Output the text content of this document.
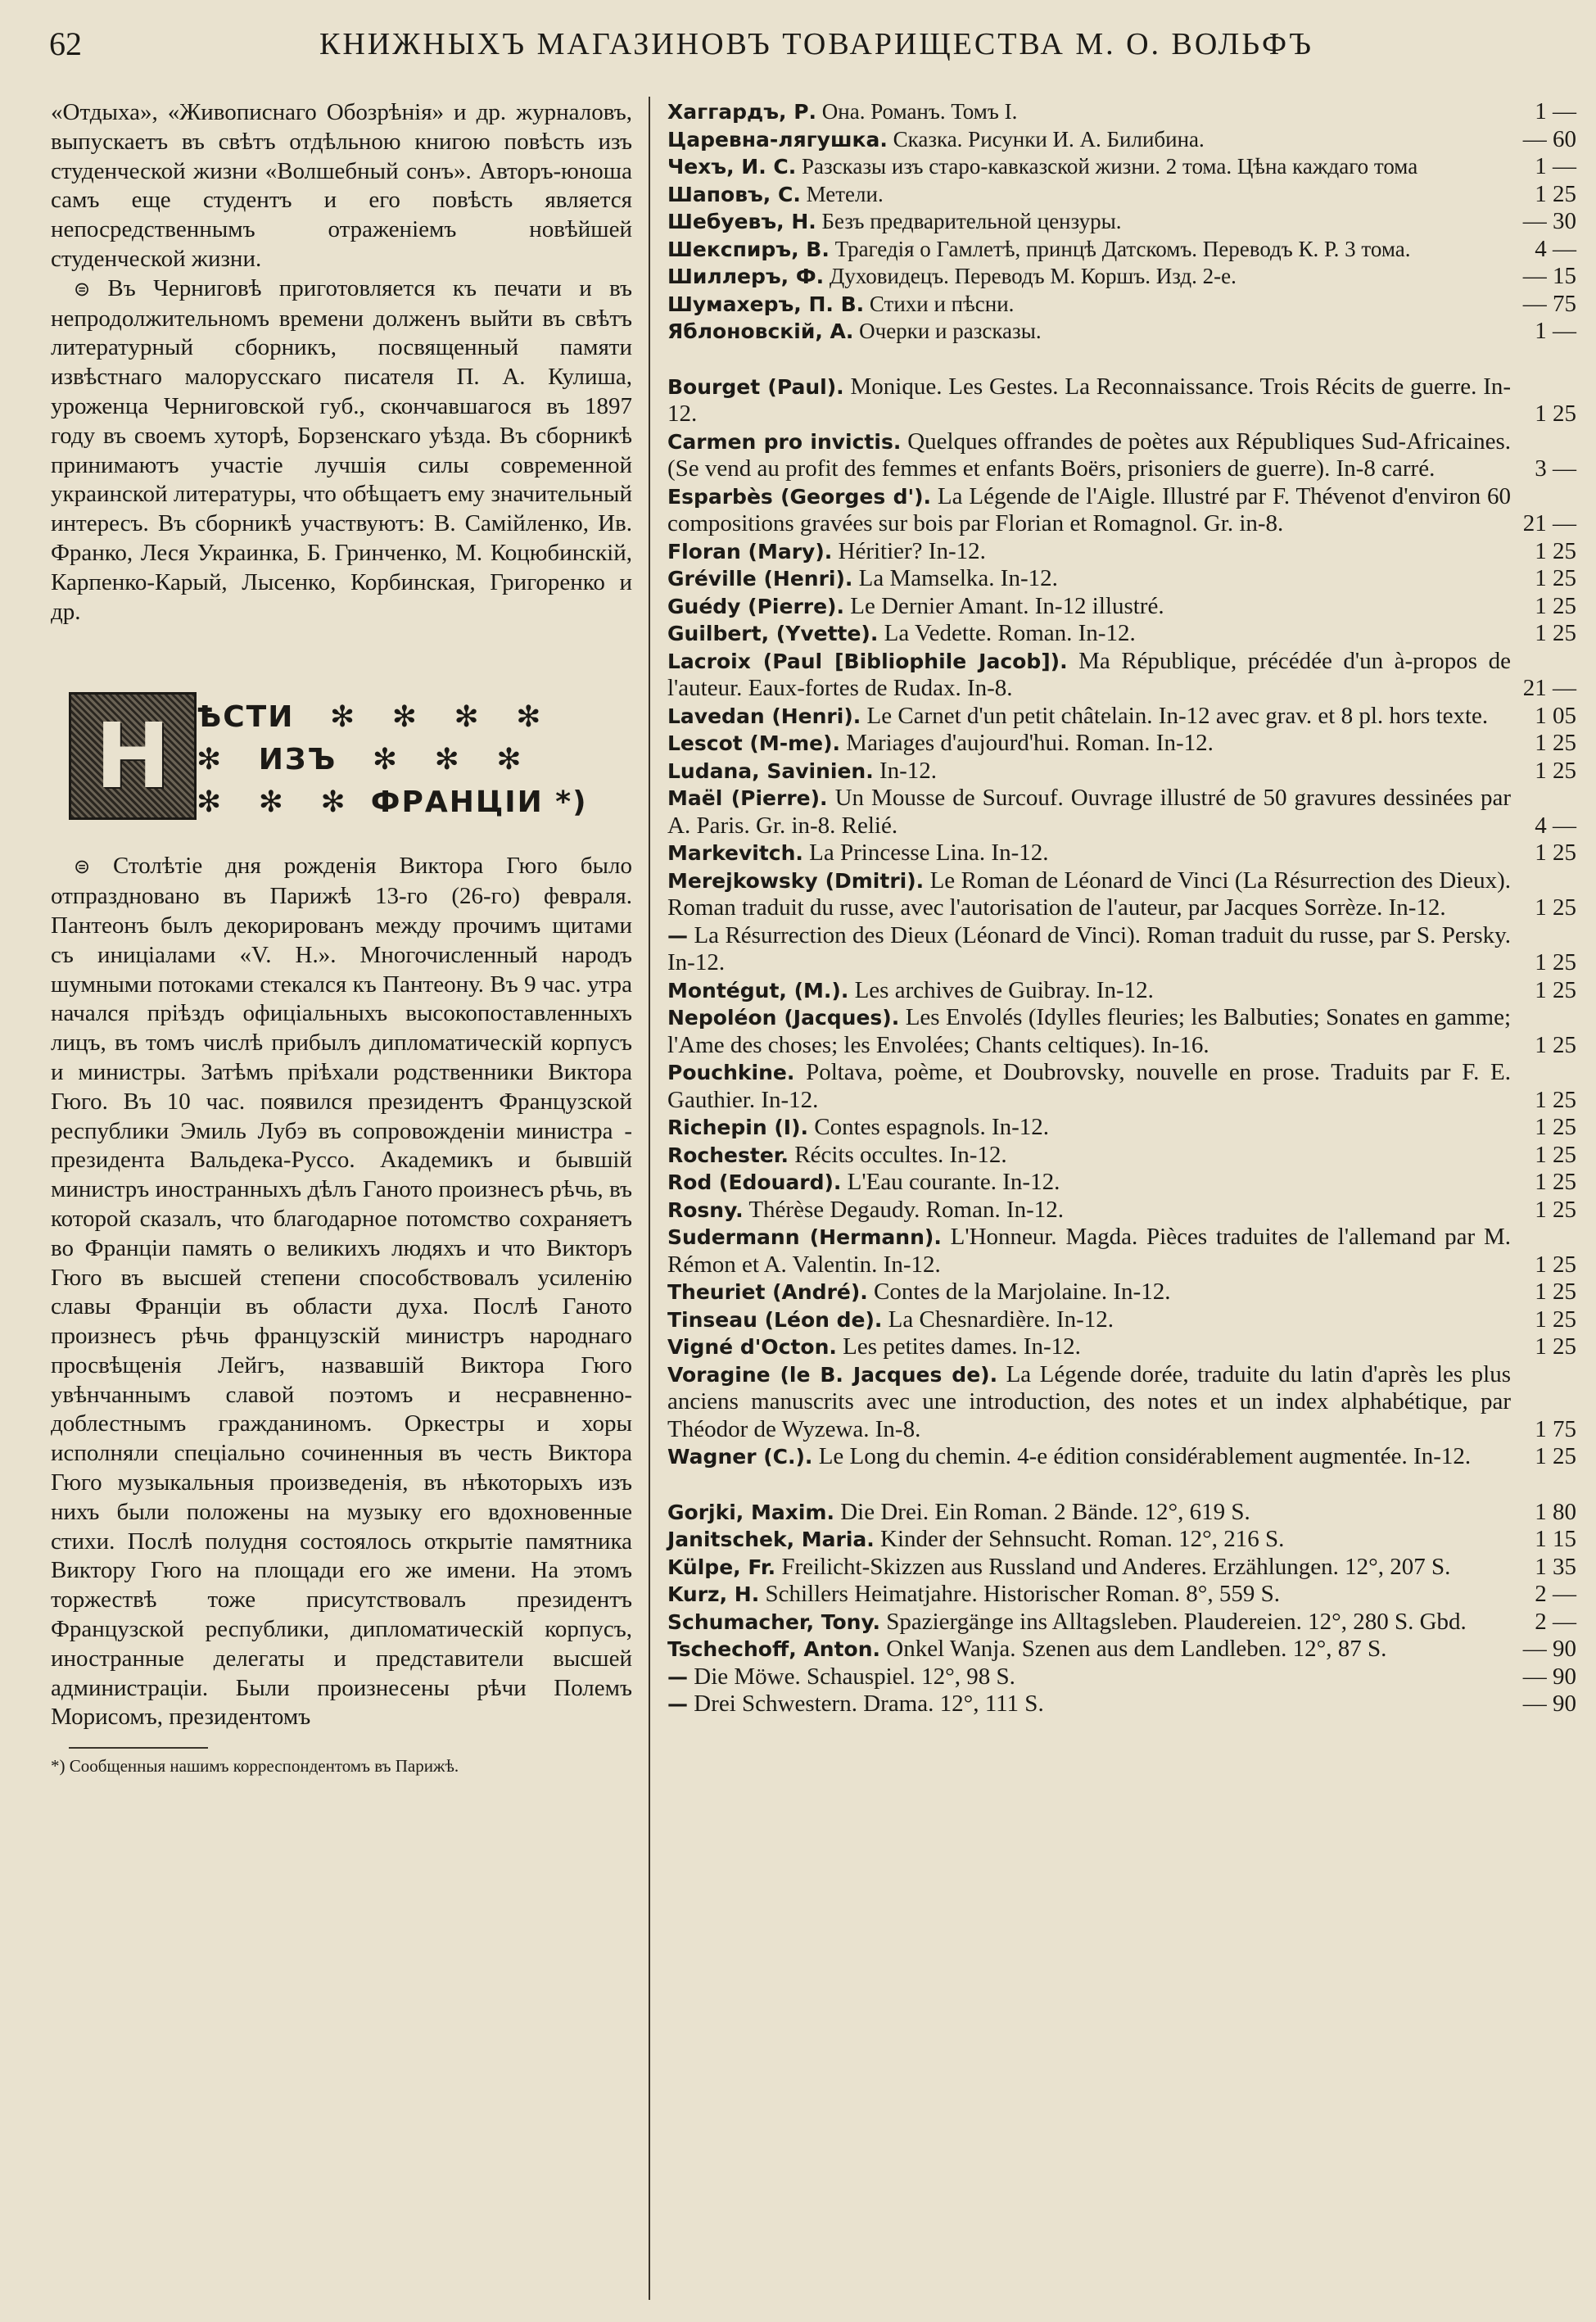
62	КНИЖНЫХЪ МАГАЗИНОВЪ ТОВАРИЩЕСТВА М. О. ВОЛЬФЪ

«Отдыха», «Живописнаго Обозрѣнія» и др. журналовъ, выпускаетъ въ свѣтъ отдѣльною книгою повѣсть изъ студенческой жизни «Волшебный сонъ». Авторъ-юноша самъ еще студентъ и его повѣсть является непосредственнымъ отраженіемъ новѣйшей студенческой жизни.

⊜ Въ Черниговѣ приготовляется къ печати и въ непродолжительномъ времени долженъ выйти въ свѣтъ литературный сборникъ, посвященный памяти извѣстнаго малорусскаго писателя П. А. Кулиша, уроженца Черниговской губ., скончавшагося въ 1897 году въ своемъ хуторѣ, Борзенскаго уѣзда. Въ сборникѣ принимаютъ участіе лучшія силы современной украинской литературы, что обѣщаетъ ему значительный интересъ. Въ сборникѣ участвуютъ: В. Самійленко, Ив. Франко, Леся Украинка, Б. Гринченко, М. Коцюбинскій, Карпенко-Карый, Лысенко, Корбинская, Григоренко и др.

Н ѢСТИ   ✻   ✻   ✻   ✻
✻   ИЗЪ   ✻   ✻   ✻
✻   ✻   ✻  ФРАНЦІИ *)

⊜ Столѣтіе дня рожденія Виктора Гюго было отпраздновано въ Парижѣ 13-го (26-го) февраля. Пантеонъ былъ декорированъ между прочимъ щитами съ иниціалами «V. H.». Многочисленный народъ шумными потоками стекался къ Пантеону. Въ 9 час. утра начался пріѣздъ офиціальныхъ высокопоставленныхъ лицъ, въ томъ числѣ прибылъ дипломатическій корпусъ и министры. Затѣмъ пріѣхали родственники Виктора Гюго. Въ 10 час. появился президентъ Французской республики Эмиль Лубэ въ сопровожденіи министра - президента Вальдека-Руссо. Академикъ и бывшій министръ иностранныхъ дѣлъ Ганото произнесъ рѣчь, въ которой сказалъ, что благодарное потомство сохраняетъ во Франціи память о великихъ людяхъ и что Викторъ Гюго въ высшей степени способствовалъ усиленію славы Франціи въ области духа. Послѣ Ганото произнесъ рѣчь французскій министръ народнаго просвѣщенія Лейгъ, назвавшій Виктора Гюго увѣнчаннымъ славой поэтомъ и несравненно-доблестнымъ гражданиномъ. Оркестры и хоры исполняли спеціально сочиненныя въ честь Виктора Гюго музыкальныя произведенія, въ нѣкоторыхъ изъ нихъ были положены на музыку его вдохновенные стихи. Послѣ полудня состоялось открытіе памятника Виктору Гюго на площади его же имени. На этомъ торжествѣ тоже присутствовалъ президентъ Французской республики, дипломатическій корпусъ, иностранные делегаты и представители высшей администраціи. Были произнесены рѣчи Полемъ Морисомъ, президентомъ

*) Сообщенныя нашимъ корреспондентомъ въ Парижѣ.

Хаггардъ, Р. Она. Романъ. Томъ I.	1 —

Царевна-лягушка. Сказка. Рисунки И. А. Билибина.	— 60

Чехъ, И. С. Разсказы изъ старо-кавказской жизни. 2 тома. Цѣна каждаго тома	1 —

Шаповъ, С. Метели.	1 25

Шебуевъ, Н. Безъ предварительной цензуры.	— 30

Шекспиръ, В. Трагедія о Гамлетѣ, принцѣ Датскомъ. Переводъ К. Р. 3 тома.	4 —

Шиллеръ, Ф. Духовидецъ. Переводъ М. Коршъ. Изд. 2-е.	— 15

Шумахеръ, П. В. Стихи и пѣсни.	— 75

Яблоновскій, А. Очерки и разсказы.	1 —

Bourget (Paul). Monique. Les Gestes. La Reconnaissance. Trois Récits de guerre. In-12.	1 25

Carmen pro invictis. Quelques offrandes de poètes aux Républiques Sud-Africaines. (Se vend au profit des femmes et enfants Boërs, prisoniers de guerre). In-8 carré.	3 —

Esparbès (Georges d'). La Légende de l'Aigle. Illustré par F. Thévenot d'environ 60 compositions gravées sur bois par Florian et Romagnol. Gr. in-8.	21 —

Floran (Mary). Héritier? In-12.	1 25

Gréville (Henri). La Mamselka. In-12.	1 25

Guédy (Pierre). Le Dernier Amant. In-12 illustré.	1 25

Guilbert, (Yvette). La Vedette. Roman. In-12.	1 25

Lacroix (Paul [Bibliophile Jacob]). Ma République, précédée d'un à-propos de l'auteur. Eaux-fortes de Rudax. In-8.	21 —

Lavedan (Henri). Le Carnet d'un petit châtelain. In-12 avec grav. et 8 pl. hors texte.	1 05

Lescot (M-me). Mariages d'aujourd'hui. Roman. In-12.	1 25

Ludana, Savinien. In-12.	1 25

Maël (Pierre). Un Mousse de Surcouf. Ouvrage illustré de 50 gravures dessinées par A. Paris. Gr. in-8. Relié.	4 —

Markevitch. La Princesse Lina. In-12.	1 25

Merejkowsky (Dmitri). Le Roman de Léonard de Vinci (La Résurrection des Dieux). Roman traduit du russe, avec l'autorisation de l'auteur, par Jacques Sorrèze. In-12.	1 25

— La Résurrection des Dieux (Léonard de Vinci). Roman traduit du russe, par S. Persky. In-12.	1 25

Montégut, (M.). Les archives de Guibray. In-12.	1 25

Nepoléon (Jacques). Les Envolés (Idylles fleuries; les Balbuties; Sonates en gamme; l'Ame des choses; les Envolées; Chants celtiques). In-16.	1 25

Pouchkine. Poltava, poème, et Doubrovsky, nouvelle en prose. Traduits par F. E. Gauthier. In-12.	1 25

Richepin (I). Contes espagnols. In-12.	1 25

Rochester. Récits occultes. In-12.	1 25

Rod (Edouard). L'Eau courante. In-12.	1 25

Rosny. Thérèse Degaudy. Roman. In-12.	1 25

Sudermann (Hermann). L'Honneur. Magda. Pièces traduites de l'allemand par M. Rémon et A. Valentin. In-12.	1 25

Theuriet (André). Contes de la Marjolaine. In-12.	1 25

Tinseau (Léon de). La Chesnardière. In-12.	1 25

Vigné d'Octon. Les petites dames. In-12.	1 25

Voragine (le B. Jacques de). La Légende dorée, traduite du latin d'après les plus anciens manuscrits avec une introduction, des notes et un index alphabétique, par Théodor de Wyzewa. In-8.	1 75

Wagner (C.). Le Long du chemin. 4-e édition considérablement augmentée. In-12.	1 25

Gorjki, Maxim. Die Drei. Ein Roman. 2 Bände. 12°, 619 S.	1 80

Janitschek, Maria. Kinder der Sehnsucht. Roman. 12°, 216 S.	1 15

Külpe, Fr. Freilicht-Skizzen aus Russland und Anderes. Erzählungen. 12°, 207 S.	1 35

Kurz, H. Schillers Heimatjahre. Historischer Roman. 8°, 559 S.	2 —

Schumacher, Tony. Spaziergänge ins Alltagsleben. Plaudereien. 12°, 280 S. Gbd.	2 —

Tschechoff, Anton. Onkel Wanja. Szenen aus dem Landleben. 12°, 87 S.	— 90

— Die Möwe. Schauspiel. 12°, 98 S.	— 90

— Drei Schwestern. Drama. 12°, 111 S.	— 90
